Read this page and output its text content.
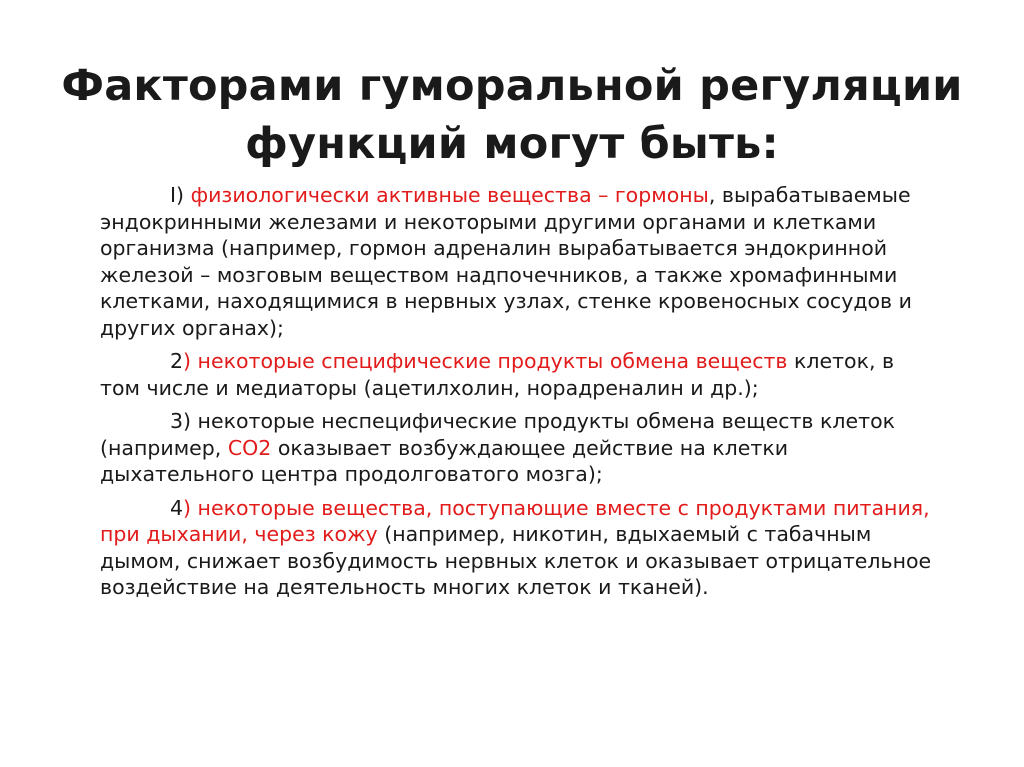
Факторами гуморальной регуляции
функций могут быть:

I) физиологически активные вещества – гормоны, вырабатываемые эндокринными железами и некоторыми другими органами и клетками организма (например, гормон адреналин вырабатывается эндокринной железой – мозговым веществом надпочечников, а также хромафинными клетками, находящимися в нервных узлах, стенке кровеносных сосудов и других органах);

2) некоторые специфические продукты обмена веществ клеток, в том числе и медиаторы (ацетилхолин, норадреналин и др.);

3) некоторые неспецифические продукты обмена веществ клеток (например, СО2 оказывает возбуждающее действие на клетки дыхательного центра продолговатого мозга);

4) некоторые вещества, поступающие вместе с продуктами питания, при дыхании, через кожу (например, никотин, вдыхаемый с табачным дымом, снижает возбудимость нервных клеток и оказывает отрицательное воздействие на деятельность многих клеток и тканей).
